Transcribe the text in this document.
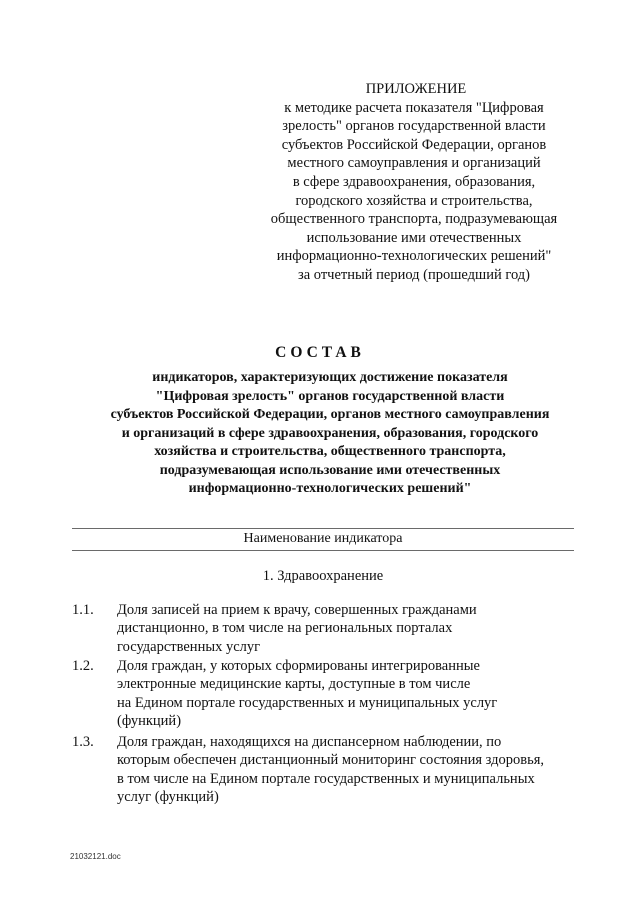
ПРИЛОЖЕНИЕ
к методике расчета показателя "Цифровая
зрелость" органов государственной власти
субъектов Российской Федерации, органов
местного самоуправления и организаций
в сфере здравоохранения, образования,
городского хозяйства и строительства,
общественного транспорта, подразумевающая
использование ими отечественных
информационно-технологических решений"
за отчетный период (прошедший год)
СОСТАВ
индикаторов, характеризующих достижение показателя
"Цифровая зрелость" органов государственной власти
субъектов Российской Федерации, органов местного самоуправления
и организаций в сфере здравоохранения, образования, городского
хозяйства и строительства, общественного транспорта,
подразумевающая использование ими отечественных
информационно-технологических решений"
Наименование индикатора
1. Здравоохранение
1.1.	Доля записей на прием к врачу, совершенных гражданами
дистанционно, в том числе на региональных порталах
государственных услуг
1.2.	Доля граждан, у которых сформированы интегрированные
электронные медицинские карты, доступные в том числе
на Едином портале государственных и муниципальных услуг
(функций)
1.3.	Доля граждан, находящихся на диспансерном наблюдении, по
которым обеспечен дистанционный мониторинг состояния здоровья,
в том числе на Едином портале государственных и муниципальных
услуг (функций)
21032121.doc
